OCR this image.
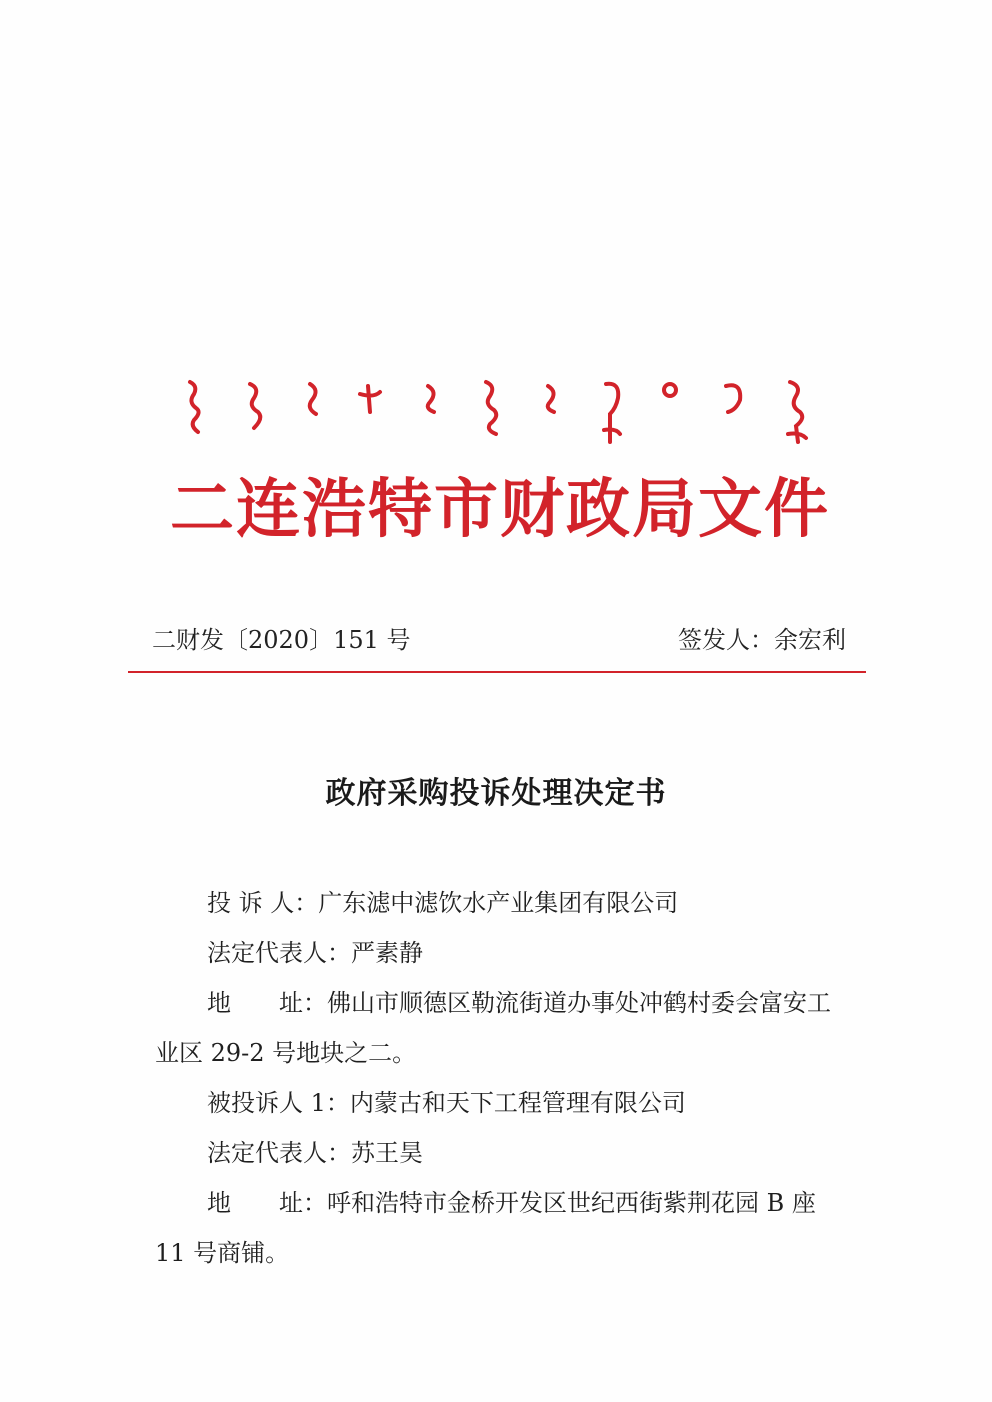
二连浩特市财政局文件
二财发〔2020〕151 号	签发人：余宏利
政府采购投诉处理决定书

投 诉 人：广东滤中滤饮水产业集团有限公司

法定代表人：严素静

地　　址：佛山市顺德区勒流街道办事处冲鹤村委会富安工业区 29-2 号地块之二。

被投诉人 1：内蒙古和天下工程管理有限公司

法定代表人：苏王昊

地　　址：呼和浩特市金桥开发区世纪西街紫荆花园 B 座 11 号商铺。
